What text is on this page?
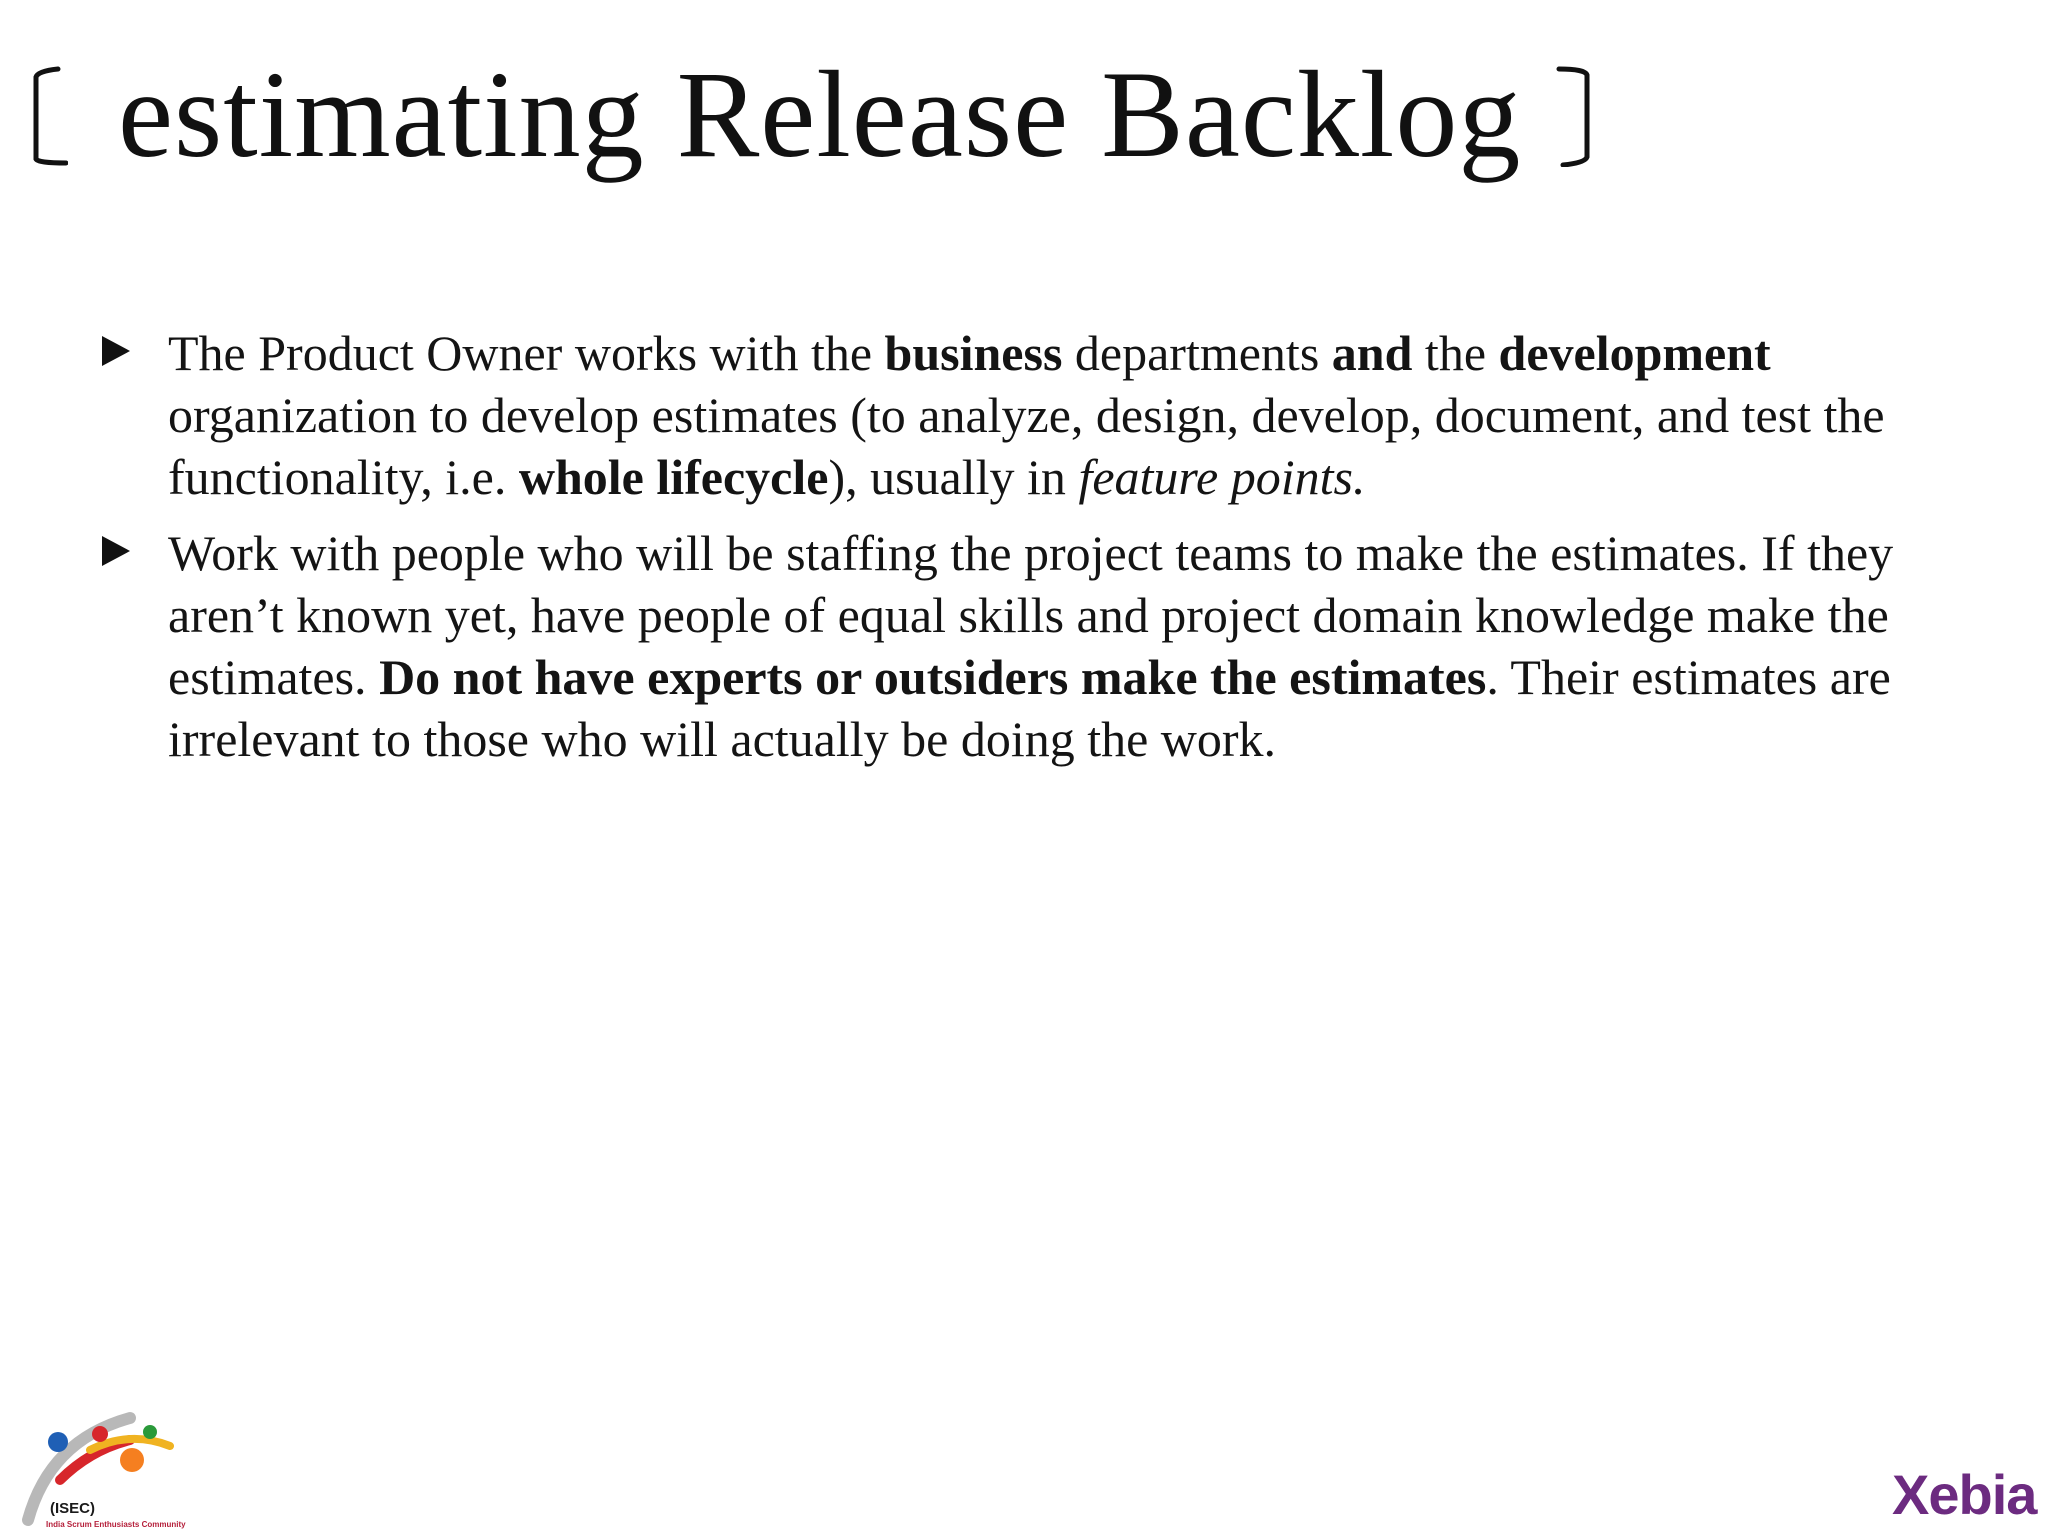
estimating Release Backlog
The Product Owner works with the business departments and the development organization to develop estimates (to analyze, design, develop, document, and test the functionality, i.e. whole lifecycle), usually in feature points.
Work with people who will be staffing the project teams to make the estimates. If they aren’t known yet, have people of equal skills and project domain knowledge make the estimates. Do not have experts or outsiders make the estimates. Their estimates are irrelevant to those who will actually be doing the work.
(ISEC)
India Scrum Enthusiasts Community	Xebia
